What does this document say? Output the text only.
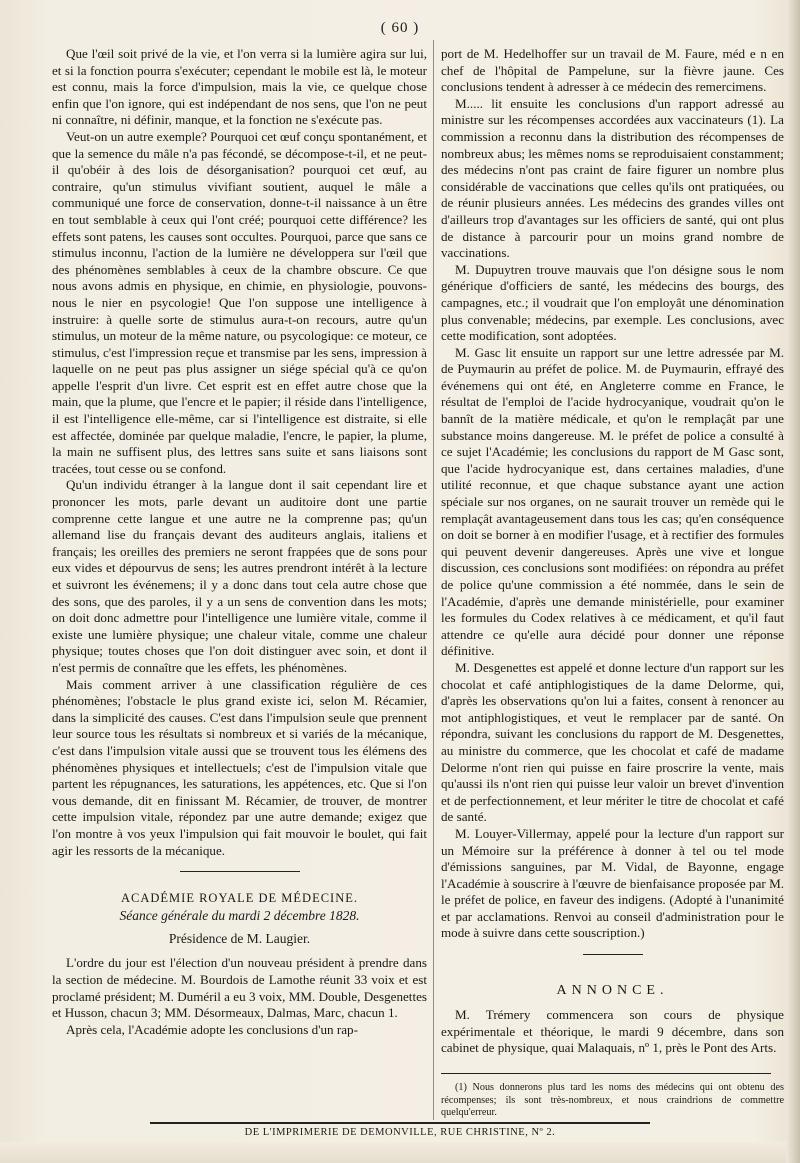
( 60 )

Que l'œil soit privé de la vie, et l'on verra si la lumière agira sur lui, et si la fonction pourra s'exécuter; cependant le mobile est là, le moteur est connu, mais la force d'impulsion, mais la vie, ce quelque chose enfin que l'on ignore, qui est indépendant de nos sens, que l'on ne peut ni connaître, ni définir, manque, et la fonction ne s'exécute pas.

Veut-on un autre exemple? Pourquoi cet œuf conçu spontanément, et que la semence du mâle n'a pas fécondé, se décompose-t-il, et ne peut-il qu'obéir à des lois de désorganisation? pourquoi cet œuf, au contraire, qu'un stimulus vivifiant soutient, auquel le mâle a communiqué une force de conservation, donne-t-il naissance à un être en tout semblable à ceux qui l'ont créé; pourquoi cette différence? les effets sont patens, les causes sont occultes. Pourquoi, parce que sans ce stimulus inconnu, l'action de la lumière ne développera sur l'œil que des phénomènes semblables à ceux de la chambre obscure. Ce que nous avons admis en physique, en chimie, en physiologie, pouvons-nous le nier en psycologie! Que l'on suppose une intelligence à instruire: à quelle sorte de stimulus aura-t-on recours, autre qu'un stimulus, un moteur de la même nature, ou psycologique: ce moteur, ce stimulus, c'est l'impression reçue et transmise par les sens, impression à laquelle on ne peut pas plus assigner un siége spécial qu'à ce qu'on appelle l'esprit d'un livre. Cet esprit est en effet autre chose que la main, que la plume, que l'encre et le papier; il réside dans l'intelligence, il est l'intelligence elle-même, car si l'intelligence est distraite, si elle est affectée, dominée par quelque maladie, l'encre, le papier, la plume, la main ne suffisent plus, des lettres sans suite et sans liaisons sont tracées, tout cesse ou se confond.

Qu'un individu étranger à la langue dont il sait cependant lire et prononcer les mots, parle devant un auditoire dont une partie comprenne cette langue et une autre ne la comprenne pas; qu'un allemand lise du français devant des auditeurs anglais, italiens et français; les oreilles des premiers ne seront frappées que de sons pour eux vides et dépourvus de sens; les autres prendront intérêt à la lecture et suivront les événemens; il y a donc dans tout cela autre chose que des sons, que des paroles, il y a un sens de convention dans les mots; on doit donc admettre pour l'intelligence une lumière vitale, comme il existe une lumière physique; une chaleur vitale, comme une chaleur physique; toutes choses que l'on doit distinguer avec soin, et dont il n'est permis de connaître que les effets, les phénomènes.

Mais comment arriver à une classification régulière de ces phénomènes; l'obstacle le plus grand existe ici, selon M. Récamier, dans la simplicité des causes. C'est dans l'impulsion seule que prennent leur source tous les résultats si nombreux et si variés de la mécanique, c'est dans l'impulsion vitale aussi que se trouvent tous les élémens des phénomènes physiques et intellectuels; c'est de l'impulsion vitale que partent les répugnances, les saturations, les appétences, etc. Que si l'on vous demande, dit en finissant M. Récamier, de trouver, de montrer cette impulsion vitale, répondez par une autre demande; exigez que l'on montre à vos yeux l'impulsion qui fait mouvoir le boulet, qui fait agir les ressorts de la mécanique.

ACADÉMIE ROYALE DE MÉDECINE.
Séance générale du mardi 2 décembre 1828.
Présidence de M. Laugier.

L'ordre du jour est l'élection d'un nouveau président à prendre dans la section de médecine. M. Bourdois de Lamothe réunit 33 voix et est proclamé président; M. Duméril a eu 3 voix, MM. Double, Desgenettes et Husson, chacun 3; MM. Désormeaux, Dalmas, Marc, chacun 1.

Après cela, l'Académie adopte les conclusions d'un rap-

port de M. Hedelhoffer sur un travail de M. Faure, méd e n en chef de l'hôpital de Pampelune, sur la fièvre jaune. Ces conclusions tendent à adresser à ce médecin des remercimens.

M..... lit ensuite les conclusions d'un rapport adressé au ministre sur les récompenses accordées aux vaccinateurs (1). La commission a reconnu dans la distribution des récompenses de nombreux abus; les mêmes noms se reproduisaient constamment; des médecins n'ont pas craint de faire figurer un nombre plus considérable de vaccinations que celles qu'ils ont pratiquées, ou de réunir plusieurs années. Les médecins des grandes villes ont d'ailleurs trop d'avantages sur les officiers de santé, qui ont plus de distance à parcourir pour un moins grand nombre de vaccinations.

M. Dupuytren trouve mauvais que l'on désigne sous le nom générique d'officiers de santé, les médecins des bourgs, des campagnes, etc.; il voudrait que l'on employât une dénomination plus convenable; médecins, par exemple. Les conclusions, avec cette modification, sont adoptées.

M. Gasc lit ensuite un rapport sur une lettre adressée par M. de Puymaurin au préfet de police. M. de Puymaurin, effrayé des événemens qui ont été, en Angleterre comme en France, le résultat de l'emploi de l'acide hydrocyanique, voudrait qu'on le bannît de la matière médicale, et qu'on le remplaçât par une substance moins dangereuse. M. le préfet de police a consulté à ce sujet l'Académie; les conclusions du rapport de M Gasc sont, que l'acide hydrocyanique est, dans certaines maladies, d'une utilité reconnue, et que chaque substance ayant une action spéciale sur nos organes, on ne saurait trouver un remède qui le remplaçât avantageusement dans tous les cas; qu'en conséquence on doit se borner à en modifier l'usage, et à rectifier des formules qui peuvent devenir dangereuses. Après une vive et longue discussion, ces conclusions sont modifiées: on répondra au préfet de police qu'une commission a été nommée, dans le sein de l'Académie, d'après une demande ministérielle, pour examiner les formules du Codex relatives à ce médicament, et qu'il faut attendre ce qu'elle aura décidé pour donner une réponse définitive.

M. Desgenettes est appelé et donne lecture d'un rapport sur les chocolat et café antiphlogistiques de la dame Delorme, qui, d'après les observations qu'on lui a faites, consent à renoncer au mot antiphlogistiques, et veut le remplacer par de santé. On répondra, suivant les conclusions du rapport de M. Desgenettes, au ministre du commerce, que les chocolat et café de madame Delorme n'ont rien qui puisse en faire proscrire la vente, mais qu'aussi ils n'ont rien qui puisse leur valoir un brevet d'invention et de perfectionnement, et leur mériter le titre de chocolat et café de santé.

M. Louyer-Villermay, appelé pour la lecture d'un rapport sur un Mémoire sur la préférence à donner à tel ou tel mode d'émissions sanguines, par M. Vidal, de Bayonne, engage l'Académie à souscrire à l'œuvre de bienfaisance proposée par M. le préfet de police, en faveur des indigens. (Adopté à l'unanimité et par acclamations. Renvoi au conseil d'administration pour le mode à suivre dans cette souscription.)

ANNONCE.

M. Trémery commencera son cours de physique expérimentale et théorique, le mardi 9 décembre, dans son cabinet de physique, quai Malaquais, nº 1, près le Pont des Arts.

(1) Nous donnerons plus tard les noms des médecins qui ont obtenu des récompenses; ils sont très-nombreux, et nous craindrions de commettre quelqu'erreur.
DE L'IMPRIMERIE DE DEMONVILLE, RUE CHRISTINE, Nº 2.
